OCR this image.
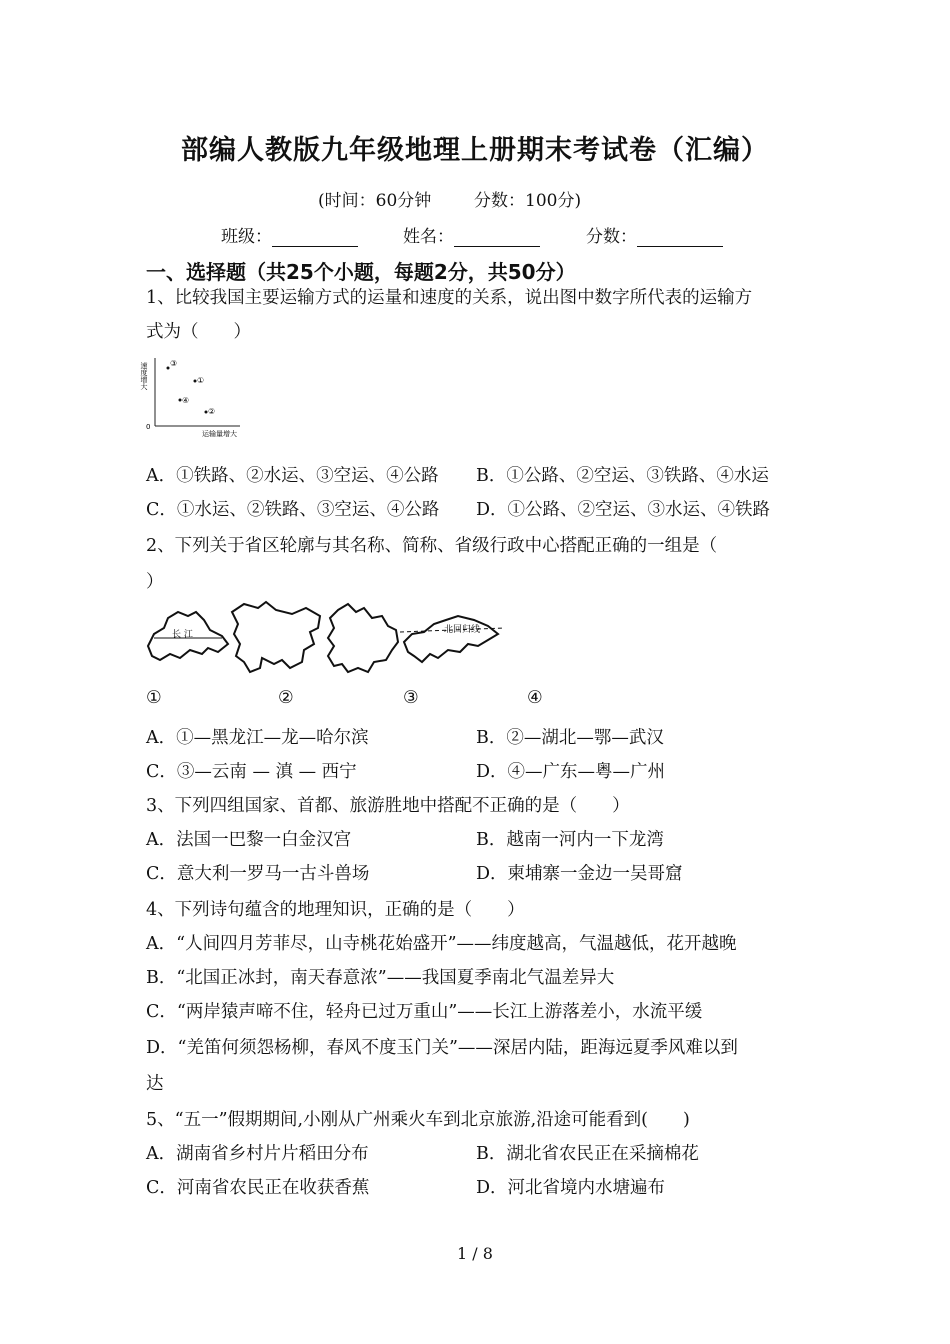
部编人教版九年级地理上册期末考试卷（汇编）
(时间：60分钟	分数：100分)
班级：	姓名：	分数：
一、选择题（共25个小题，每题2分，共50分）
1、比较我国主要运输方式的运量和速度的关系，说出图中数字所代表的运输方
式为（　　）
速度增大
0
运输量增大
③
①
④
②
A．①铁路、②水运、③空运、④公路 B．①公路、②空运、③铁路、④水运
C．①水运、②铁路、③空运、④公路 D．①公路、②空运、③水运、④铁路
2、下列关于省区轮廓与其名称、简称、省级行政中心搭配正确的一组是（
）
长 江	北回归线
①	②	③	④
A．①—黑龙江—龙—哈尔滨	B．②—湖北—鄂—武汉
C．③—云南 — 滇 — 西宁	D．④—广东—粤—广州
3、下列四组国家、首都、旅游胜地中搭配不正确的是（　　）
A．法国一巴黎一白金汉宫	B．越南一河内一下龙湾
C．意大利一罗马一古斗兽场	D．柬埔寨一金边一吴哥窟
4、下列诗句蕴含的地理知识，正确的是（　　）
A．“人间四月芳菲尽，山寺桃花始盛开”——纬度越高，气温越低，花开越晚
B．“北国正冰封，南天春意浓”——我国夏季南北气温差异大
C．“两岸猿声啼不住，轻舟已过万重山”——长江上游落差小，水流平缓
D．“羌笛何须怨杨柳，春风不度玉门关”——深居内陆，距海远夏季风难以到
达
5、“五一”假期期间,小刚从广州乘火车到北京旅游,沿途可能看到(　　)
A．湖南省乡村片片稻田分布	B．湖北省农民正在采摘棉花
C．河南省农民正在收获香蕉	D．河北省境内水塘遍布
1 / 8
